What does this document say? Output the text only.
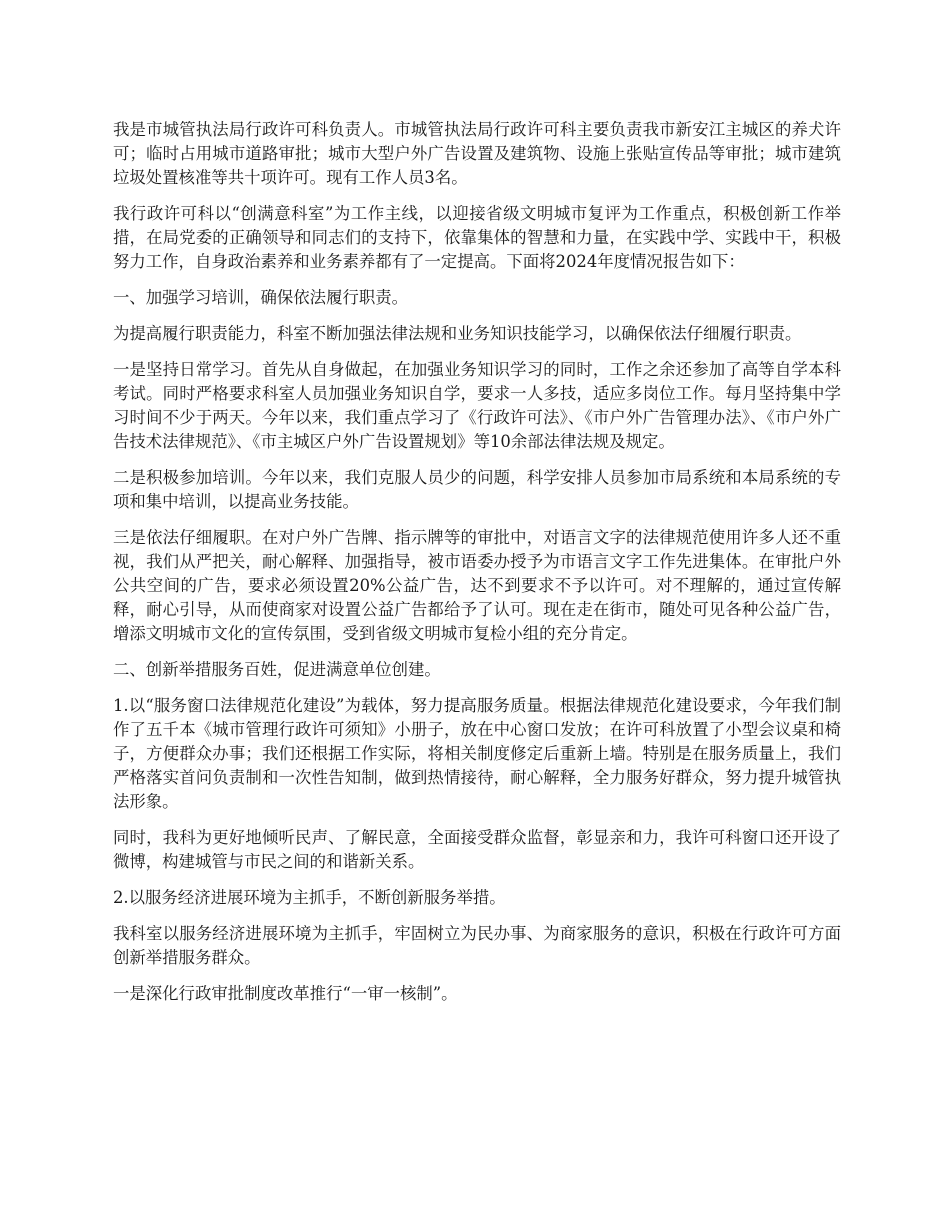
我是市城管执法局行政许可科负责人。市城管执法局行政许可科主要负责我市新安江主城区的养犬许可；临时占用城市道路审批；城市大型户外广告设置及建筑物、设施上张贴宣传品等审批；城市建筑垃圾处置核准等共十项许可。现有工作人员3名。

我行政许可科以“创满意科室”为工作主线，以迎接省级文明城市复评为工作重点，积极创新工作举措，在局党委的正确领导和同志们的支持下，依靠集体的智慧和力量，在实践中学、实践中干，积极努力工作，自身政治素养和业务素养都有了一定提高。下面将2024年度情况报告如下：

一、加强学习培训，确保依法履行职责。

为提高履行职责能力，科室不断加强法律法规和业务知识技能学习，以确保依法仔细履行职责。

一是坚持日常学习。首先从自身做起，在加强业务知识学习的同时，工作之余还参加了高等自学本科考试。同时严格要求科室人员加强业务知识自学，要求一人多技，适应多岗位工作。每月坚持集中学习时间不少于两天。今年以来，我们重点学习了《行政许可法》、《市户外广告管理办法》、《市户外广告技术法律规范》、《市主城区户外广告设置规划》等10余部法律法规及规定。

二是积极参加培训。今年以来，我们克服人员少的问题，科学安排人员参加市局系统和本局系统的专项和集中培训，以提高业务技能。

三是依法仔细履职。在对户外广告牌、指示牌等的审批中，对语言文字的法律规范使用许多人还不重视，我们从严把关，耐心解释、加强指导，被市语委办授予为市语言文字工作先进集体。在审批户外公共空间的广告，要求必须设置20%公益广告，达不到要求不予以许可。对不理解的，通过宣传解释，耐心引导，从而使商家对设置公益广告都给予了认可。现在走在街市，随处可见各种公益广告，增添文明城市文化的宣传氛围，受到省级文明城市复检小组的充分肯定。

二、创新举措服务百姓，促进满意单位创建。

1.以“服务窗口法律规范化建设”为载体，努力提高服务质量。根据法律规范化建设要求，今年我们制作了五千本《城市管理行政许可须知》小册子，放在中心窗口发放；在许可科放置了小型会议桌和椅子，方便群众办事；我们还根据工作实际，将相关制度修定后重新上墙。特别是在服务质量上，我们严格落实首问负责制和一次性告知制，做到热情接待，耐心解释，全力服务好群众，努力提升城管执法形象。

同时，我科为更好地倾听民声、了解民意，全面接受群众监督，彰显亲和力，我许可科窗口还开设了微博，构建城管与市民之间的和谐新关系。

2.以服务经济进展环境为主抓手，不断创新服务举措。

我科室以服务经济进展环境为主抓手，牢固树立为民办事、为商家服务的意识，积极在行政许可方面创新举措服务群众。

一是深化行政审批制度改革推行“一审一核制”。
